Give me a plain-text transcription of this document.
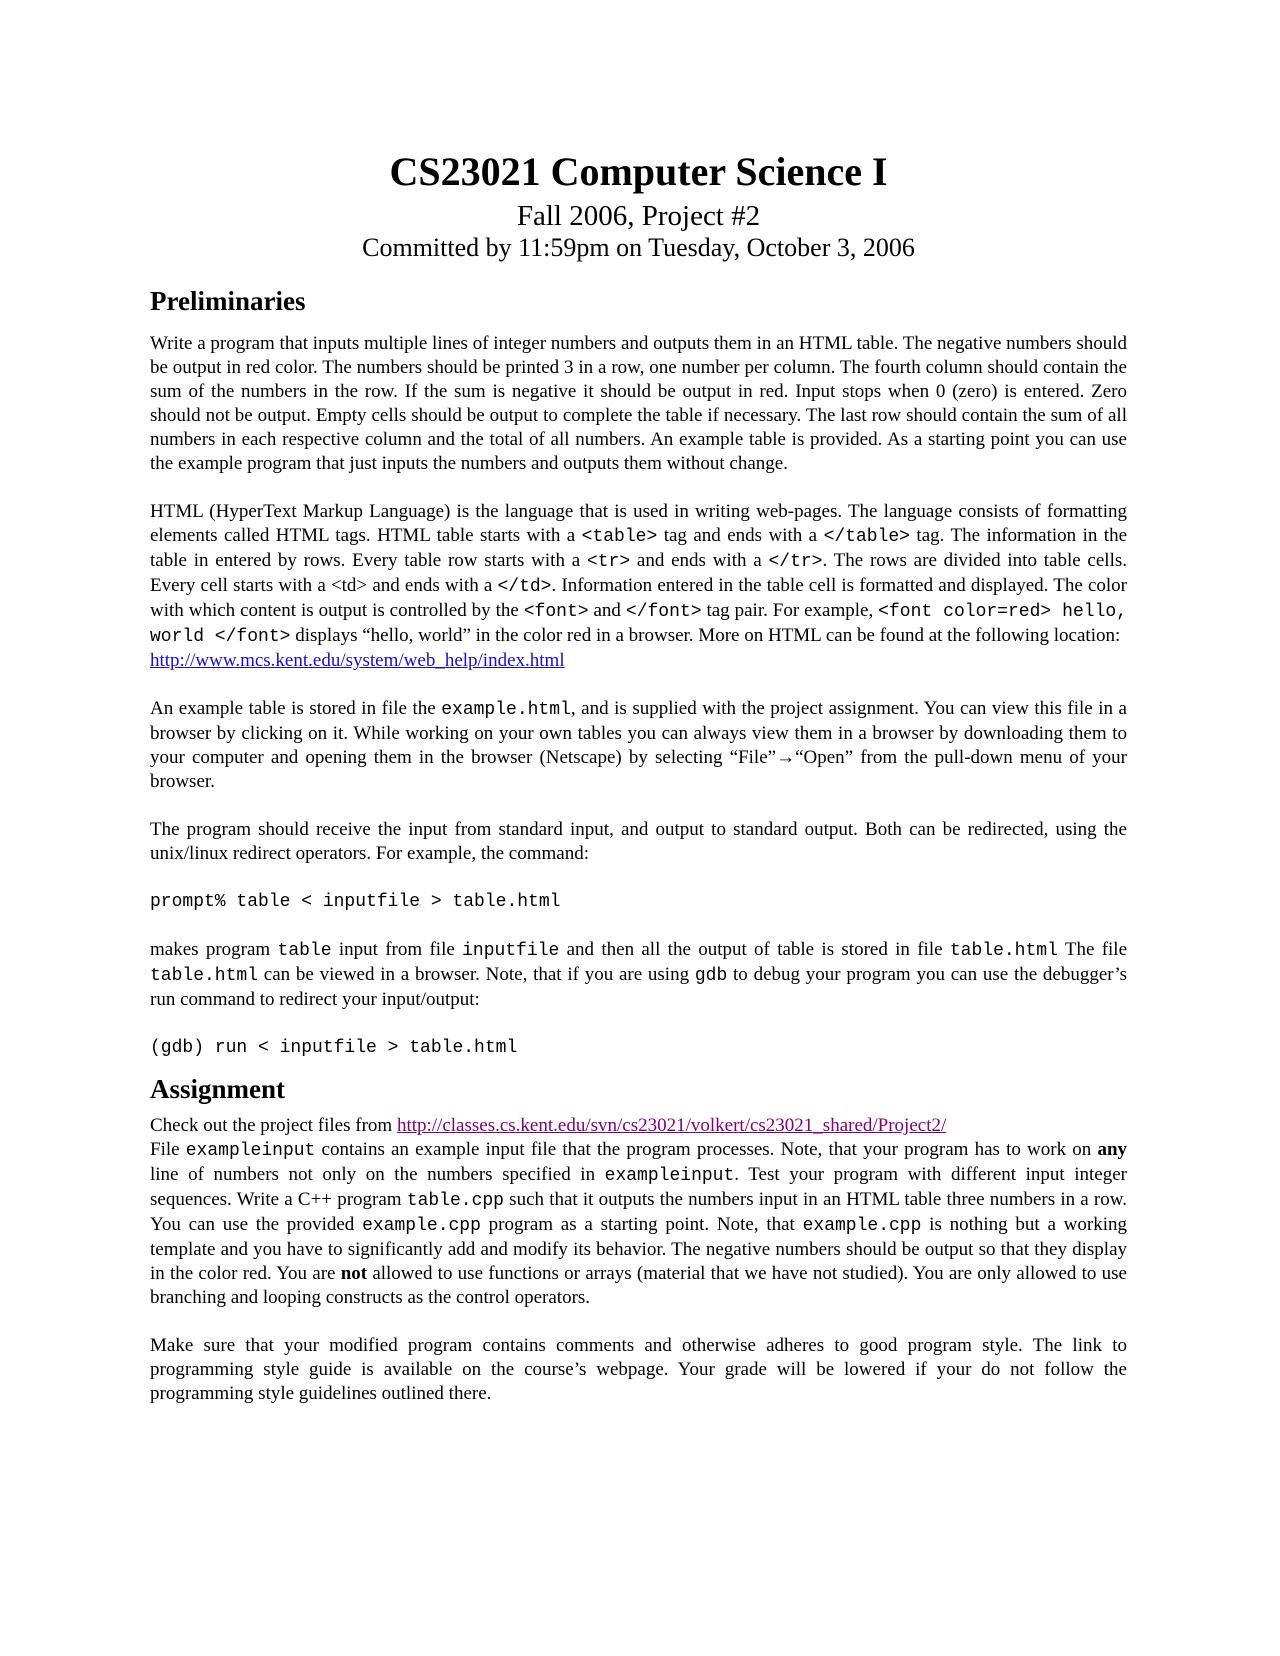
CS23021 Computer Science I
Fall 2006, Project #2
Committed by 11:59pm on Tuesday, October 3, 2006
Preliminaries

Write a program that inputs multiple lines of integer numbers and outputs them in an HTML table. The negative numbers should be output in red color. The numbers should be printed 3 in a row, one number per column. The fourth column should contain the sum of the numbers in the row. If the sum is negative it should be output in red. Input stops when 0 (zero) is entered. Zero should not be output. Empty cells should be output to complete the table if necessary. The last row should contain the sum of all numbers in each respective column and the total of all numbers. An example table is provided. As a starting point you can use the example program that just inputs the numbers and outputs them without change.

HTML (HyperText Markup Language) is the language that is used in writing web-pages. The language consists of formatting elements called HTML tags. HTML table starts with a <table> tag and ends with a </table> tag. The information in the table in entered by rows. Every table row starts with a <tr> and ends with a </tr>. The rows are divided into table cells. Every cell starts with a <td> and ends with a </td>. Information entered in the table cell is formatted and displayed. The color with which content is output is controlled by the <font> and </font> tag pair. For example, <font color=red> hello, world </font> displays “hello, world” in the color red in a browser. More on HTML can be found at the following location:
http://www.mcs.kent.edu/system/web_help/index.html

An example table is stored in file the example.html, and is supplied with the project assignment. You can view this file in a browser by clicking on it. While working on your own tables you can always view them in a browser by downloading them to your computer and opening them in the browser (Netscape) by selecting “File”→“Open” from the pull-down menu of your browser.

The program should receive the input from standard input, and output to standard output. Both can be redirected, using the unix/linux redirect operators. For example, the command:

prompt% table < inputfile > table.html

makes program table input from file inputfile and then all the output of table is stored in file table.html The file table.html can be viewed in a browser. Note, that if you are using gdb to debug your program you can use the debugger’s run command to redirect your input/output:

(gdb) run < inputfile > table.html
Assignment

Check out the project files from http://classes.cs.kent.edu/svn/cs23021/volkert/cs23021_shared/Project2/
File exampleinput contains an example input file that the program processes. Note, that your program has to work on any line of numbers not only on the numbers specified in exampleinput. Test your program with different input integer sequences. Write a C++ program table.cpp such that it outputs the numbers input in an HTML table three numbers in a row. You can use the provided example.cpp program as a starting point. Note, that example.cpp is nothing but a working template and you have to significantly add and modify its behavior. The negative numbers should be output so that they display in the color red. You are not allowed to use functions or arrays (material that we have not studied). You are only allowed to use branching and looping constructs as the control operators.

Make sure that your modified program contains comments and otherwise adheres to good program style. The link to programming style guide is available on the course’s webpage. Your grade will be lowered if your do not follow the programming style guidelines outlined there.
